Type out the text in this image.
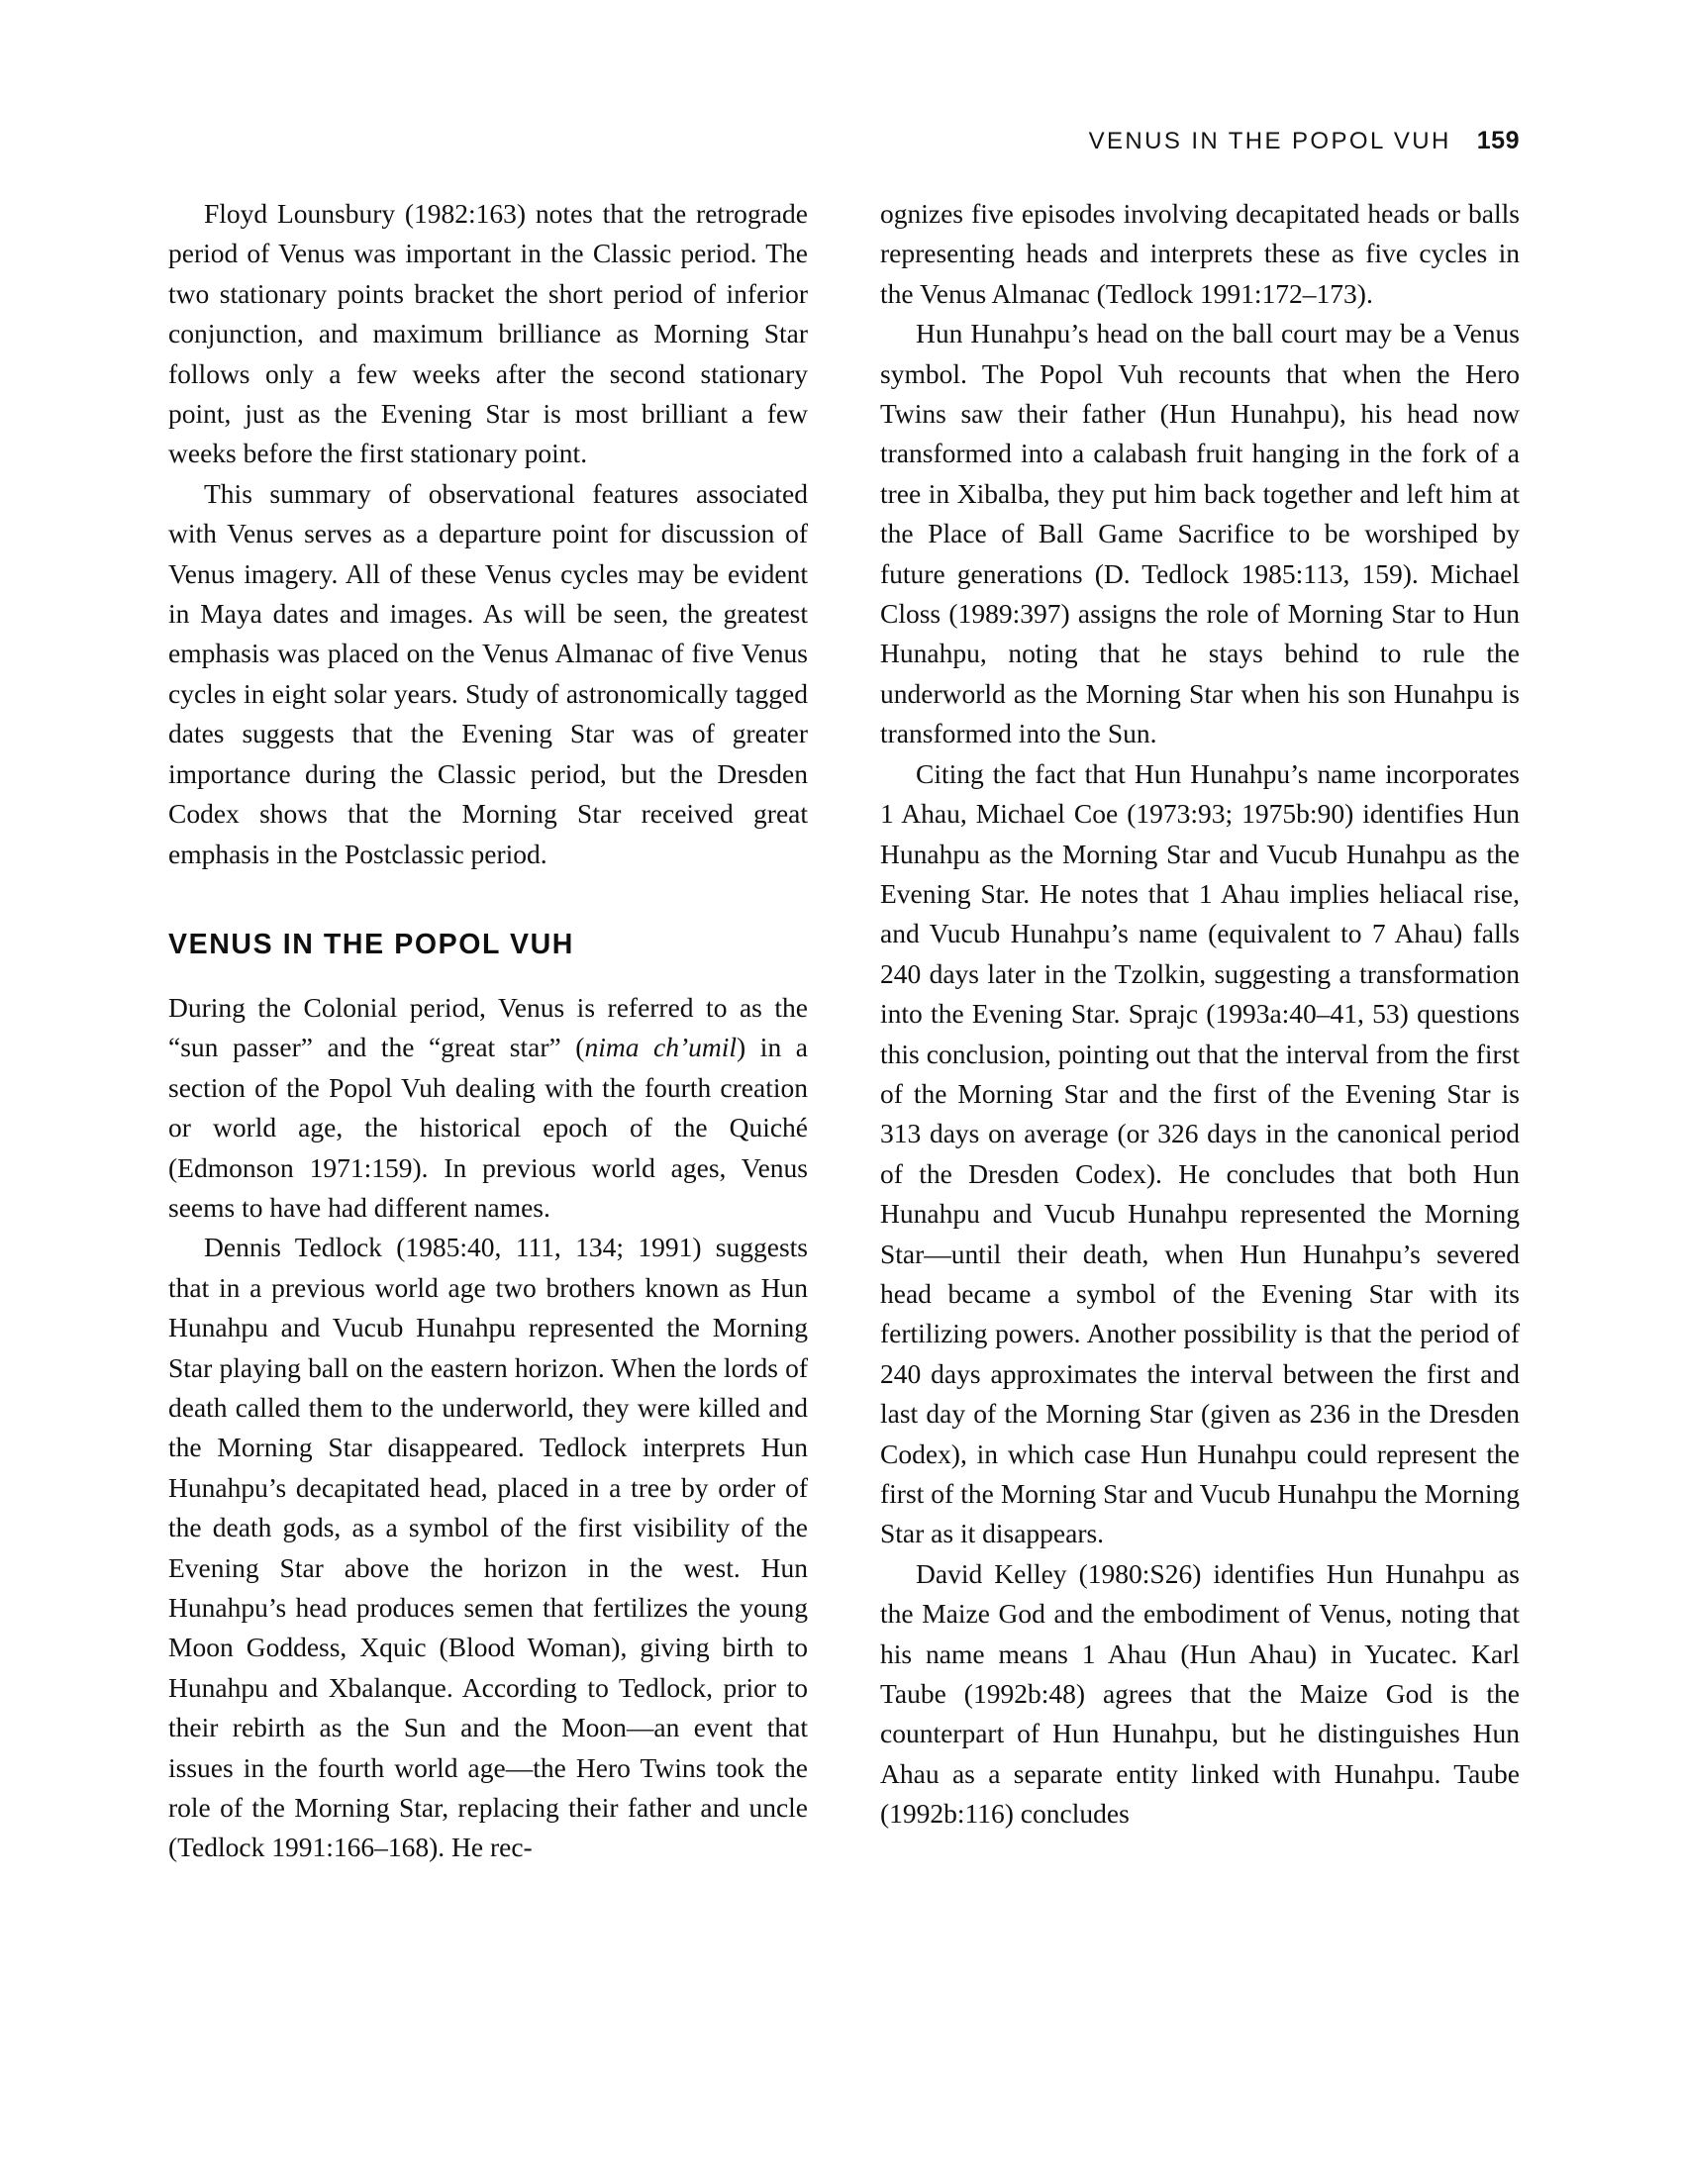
VENUS IN THE POPOL VUH 159

Floyd Lounsbury (1982:163) notes that the retrograde period of Venus was important in the Classic period. The two stationary points bracket the short period of inferior conjunction, and maximum brilliance as Morning Star follows only a few weeks after the second stationary point, just as the Evening Star is most brilliant a few weeks before the first stationary point.

This summary of observational features associated with Venus serves as a departure point for discussion of Venus imagery. All of these Venus cycles may be evident in Maya dates and images. As will be seen, the greatest emphasis was placed on the Venus Almanac of five Venus cycles in eight solar years. Study of astronomically tagged dates suggests that the Evening Star was of greater importance during the Classic period, but the Dresden Codex shows that the Morning Star received great emphasis in the Postclassic period.

VENUS IN THE POPOL VUH

During the Colonial period, Venus is referred to as the “sun passer” and the “great star” (nima ch’umil) in a section of the Popol Vuh dealing with the fourth creation or world age, the historical epoch of the Quiché (Edmonson 1971:159). In previous world ages, Venus seems to have had different names.

Dennis Tedlock (1985:40, 111, 134; 1991) suggests that in a previous world age two brothers known as Hun Hunahpu and Vucub Hunahpu represented the Morning Star playing ball on the eastern horizon. When the lords of death called them to the underworld, they were killed and the Morning Star disappeared. Tedlock interprets Hun Hunahpu’s decapitated head, placed in a tree by order of the death gods, as a symbol of the first visibility of the Evening Star above the horizon in the west. Hun Hunahpu’s head produces semen that fertilizes the young Moon Goddess, Xquic (Blood Woman), giving birth to Hunahpu and Xbalanque. According to Tedlock, prior to their rebirth as the Sun and the Moon—an event that issues in the fourth world age—the Hero Twins took the role of the Morning Star, replacing their father and uncle (Tedlock 1991:166–168). He rec-

ognizes five episodes involving decapitated heads or balls representing heads and interprets these as five cycles in the Venus Almanac (Tedlock 1991:172–173).

Hun Hunahpu’s head on the ball court may be a Venus symbol. The Popol Vuh recounts that when the Hero Twins saw their father (Hun Hunahpu), his head now transformed into a calabash fruit hanging in the fork of a tree in Xibalba, they put him back together and left him at the Place of Ball Game Sacrifice to be worshiped by future generations (D. Tedlock 1985:113, 159). Michael Closs (1989:397) assigns the role of Morning Star to Hun Hunahpu, noting that he stays behind to rule the underworld as the Morning Star when his son Hunahpu is transformed into the Sun.

Citing the fact that Hun Hunahpu’s name incorporates 1 Ahau, Michael Coe (1973:93; 1975b:90) identifies Hun Hunahpu as the Morning Star and Vucub Hunahpu as the Evening Star. He notes that 1 Ahau implies heliacal rise, and Vucub Hunahpu’s name (equivalent to 7 Ahau) falls 240 days later in the Tzolkin, suggesting a transformation into the Evening Star. Sprajc (1993a:40–41, 53) questions this conclusion, pointing out that the interval from the first of the Morning Star and the first of the Evening Star is 313 days on average (or 326 days in the canonical period of the Dresden Codex). He concludes that both Hun Hunahpu and Vucub Hunahpu represented the Morning Star—until their death, when Hun Hunahpu’s severed head became a symbol of the Evening Star with its fertilizing powers. Another possibility is that the period of 240 days approximates the interval between the first and last day of the Morning Star (given as 236 in the Dresden Codex), in which case Hun Hunahpu could represent the first of the Morning Star and Vucub Hunahpu the Morning Star as it disappears.

David Kelley (1980:S26) identifies Hun Hunahpu as the Maize God and the embodiment of Venus, noting that his name means 1 Ahau (Hun Ahau) in Yucatec. Karl Taube (1992b:48) agrees that the Maize God is the counterpart of Hun Hunahpu, but he distinguishes Hun Ahau as a separate entity linked with Hunahpu. Taube (1992b:116) concludes
